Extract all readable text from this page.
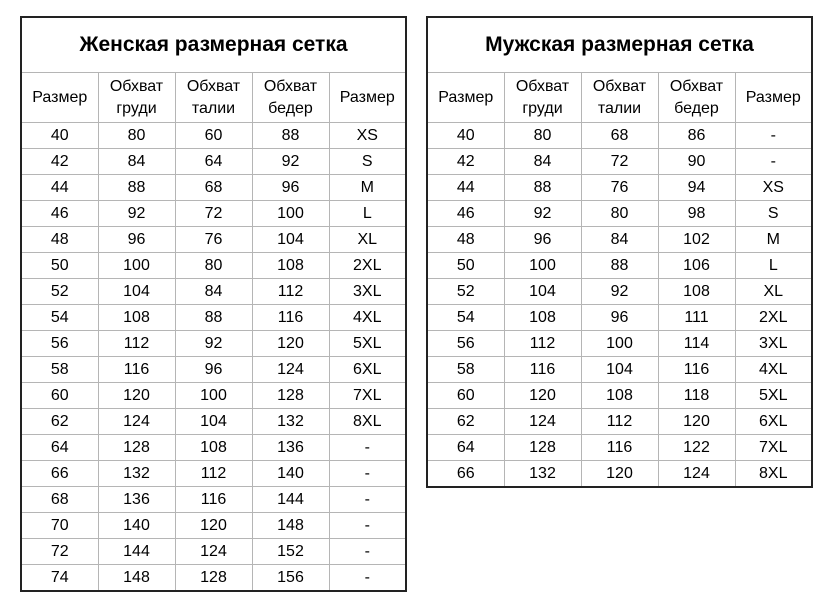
Женская размерная сетка				
Размер	Обхват груди	Обхват талии	Обхват бедер	Размер
40	80	60	88	XS
42	84	64	92	S
44	88	68	96	M
46	92	72	100	L
48	96	76	104	XL
50	100	80	108	2XL
52	104	84	112	3XL
54	108	88	116	4XL
56	112	92	120	5XL
58	116	96	124	6XL
60	120	100	128	7XL
62	124	104	132	8XL
64	128	108	136	-
66	132	112	140	-
68	136	116	144	-
70	140	120	148	-
72	144	124	152	-
74	148	128	156	-
Мужская размерная сетка				
Размер	Обхват груди	Обхват талии	Обхват бедер	Размер
40	80	68	86	-
42	84	72	90	-
44	88	76	94	XS
46	92	80	98	S
48	96	84	102	M
50	100	88	106	L
52	104	92	108	XL
54	108	96	111	2XL
56	112	100	114	3XL
58	116	104	116	4XL
60	120	108	118	5XL
62	124	112	120	6XL
64	128	116	122	7XL
66	132	120	124	8XL
